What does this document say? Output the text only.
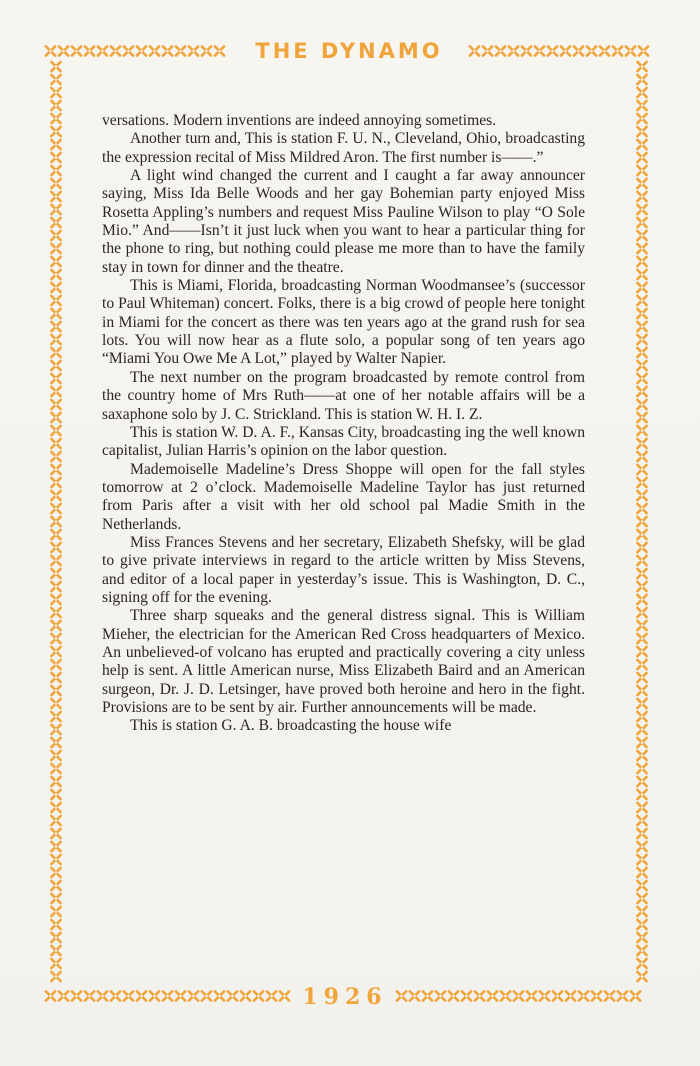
THE DYNAMO

versations. Modern inventions are indeed annoying sometimes.

Another turn and, This is station F. U. N., Cleveland, Ohio, broadcasting the expression recital of Miss Mildred Aron. The first number is——.”

A light wind changed the current and I caught a far away announcer saying, Miss Ida Belle Woods and her gay Bohemian party enjoyed Miss Rosetta Appling’s numbers and request Miss Pauline Wilson to play “O Sole Mio.” And——Isn’t it just luck when you want to hear a particular thing for the phone to ring, but nothing could please me more than to have the family stay in town for dinner and the theatre.

This is Miami, Florida, broadcasting Norman Woodmansee’s (successor to Paul Whiteman) concert. Folks, there is a big crowd of people here tonight in Miami for the concert as there was ten years ago at the grand rush for sea lots. You will now hear as a flute solo, a popular song of ten years ago “Miami You Owe Me A Lot,” played by Walter Napier.

The next number on the program broadcasted by remote control from the country home of Mrs Ruth——at one of her notable affairs will be a saxaphone solo by J. C. Strickland. This is station W. H. I. Z.

This is station W. D. A. F., Kansas City, broadcasting ing the well known capitalist, Julian Harris’s opinion on the labor question.

Mademoiselle Madeline’s Dress Shoppe will open for the fall styles tomorrow at 2 o’clock. Mademoiselle Madeline Taylor has just returned from Paris after a visit with her old school pal Madie Smith in the Netherlands.

Miss Frances Stevens and her secretary, Elizabeth Shefsky, will be glad to give private interviews in regard to the article written by Miss Stevens, and editor of a local paper in yesterday’s issue. This is Washington, D. C., signing off for the evening.

Three sharp squeaks and the general distress signal. This is William Mieher, the electrician for the American Red Cross headquarters of Mexico. An unbelieved-of volcano has erupted and practically covering a city unless help is sent. A little American nurse, Miss Elizabeth Baird and an American surgeon, Dr. J. D. Letsinger, have proved both heroine and hero in the fight. Provisions are to be sent by air. Further announcements will be made.

This is station G. A. B. broadcasting the house wife

1926
